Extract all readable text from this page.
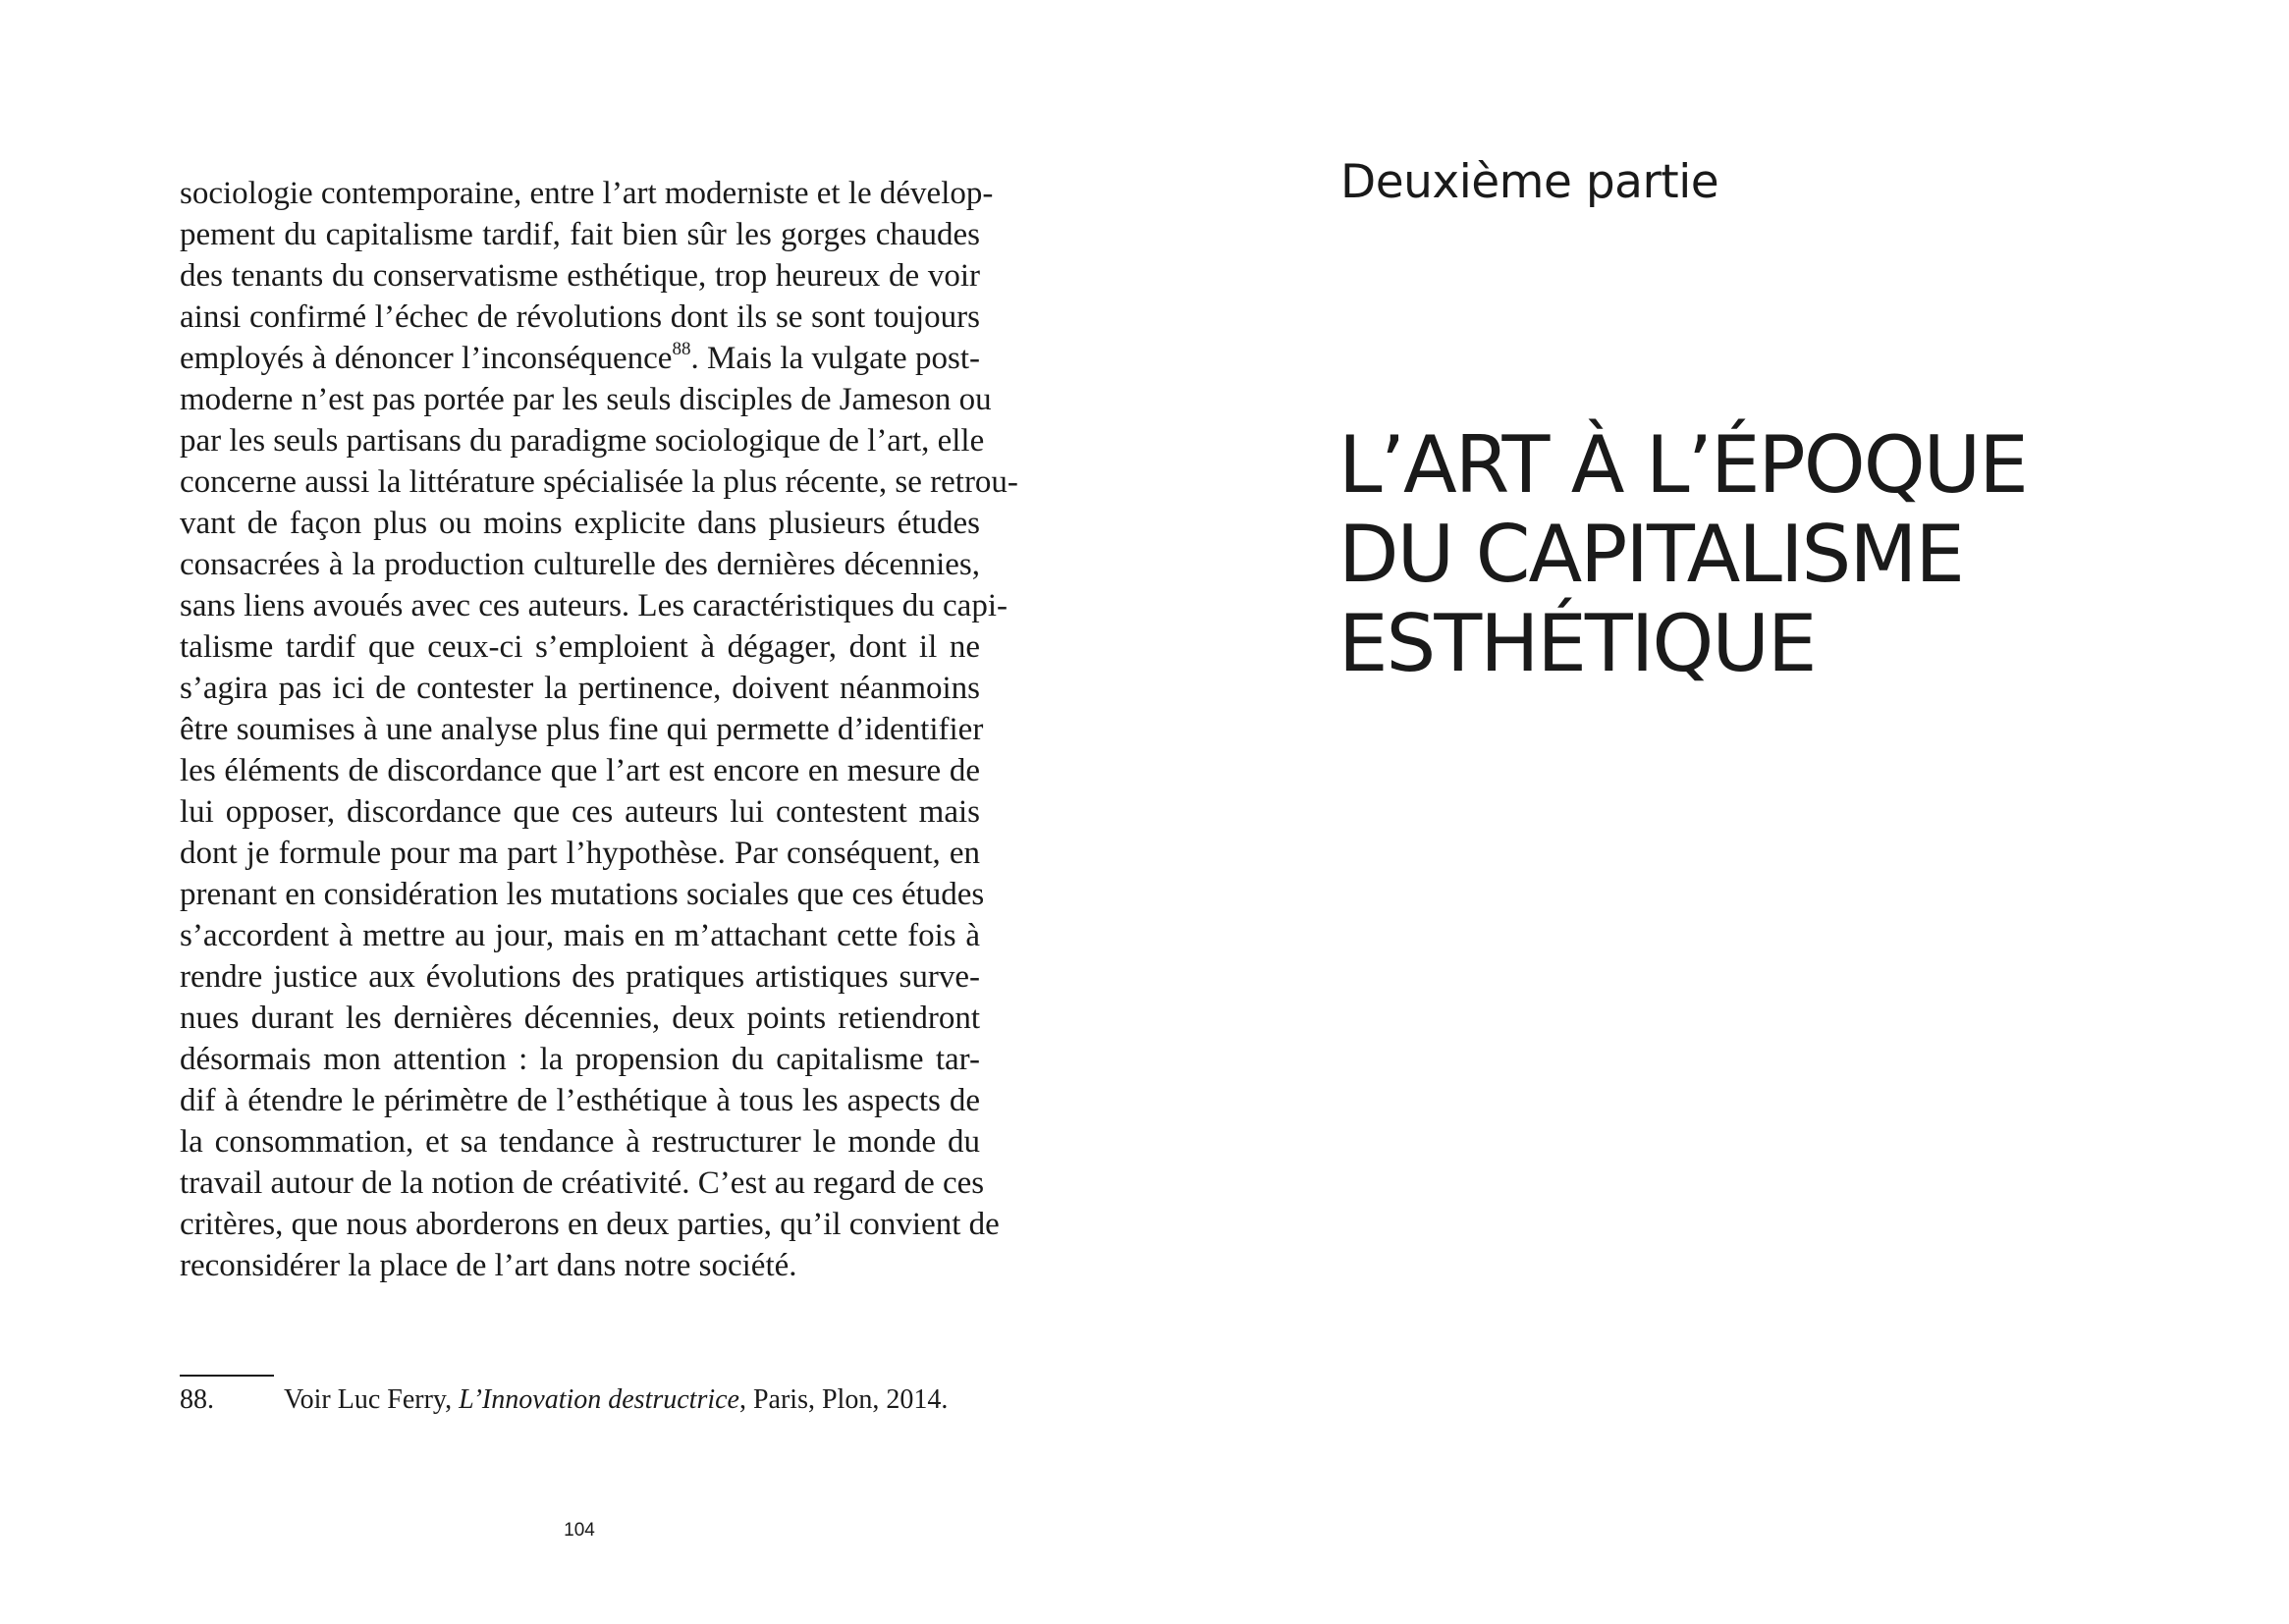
sociologie contemporaine, entre l’art moderniste et le dévelop-
pement du capitalisme tardif, fait bien sûr les gorges chaudes
des tenants du conservatisme esthétique, trop heureux de voir
ainsi confirmé l’échec de révolutions dont ils se sont toujours
employés à dénoncer l’inconséquence$^{88}$. Mais la vulgate post-
moderne n’est pas portée par les seuls disciples de Jameson ou
par les seuls partisans du paradigme sociologique de l’art, elle
concerne aussi la littérature spécialisée la plus récente, se retrou-
vant de façon plus ou moins explicite dans plusieurs études
consacrées à la production culturelle des dernières décennies,
sans liens avoués avec ces auteurs. Les caractéristiques du capi-
talisme tardif que ceux-ci s’emploient à dégager, dont il ne
s’agira pas ici de contester la pertinence, doivent néanmoins
être soumises à une analyse plus fine qui permette d’identifier
les éléments de discordance que l’art est encore en mesure de
lui opposer, discordance que ces auteurs lui contestent mais
dont je formule pour ma part l’hypothèse. Par conséquent, en
prenant en considération les mutations sociales que ces études
s’accordent à mettre au jour, mais en m’attachant cette fois à
rendre justice aux évolutions des pratiques artistiques surve-
nues durant les dernières décennies, deux points retiendront
désormais mon attention : la propension du capitalisme tar-
dif à étendre le périmètre de l’esthétique à tous les aspects de
la consommation, et sa tendance à restructurer le monde du
travail autour de la notion de créativité. C’est au regard de ces
critères, que nous aborderons en deux parties, qu’il convient de
reconsidérer la place de l’art dans notre société.

88.	Voir Luc Ferry, L’Innovation destructrice, Paris, Plon, 2014.
104
Deuxième partie
L’ART À L’ÉPOQUE
DU CAPITALISME
ESTHÉTIQUE
